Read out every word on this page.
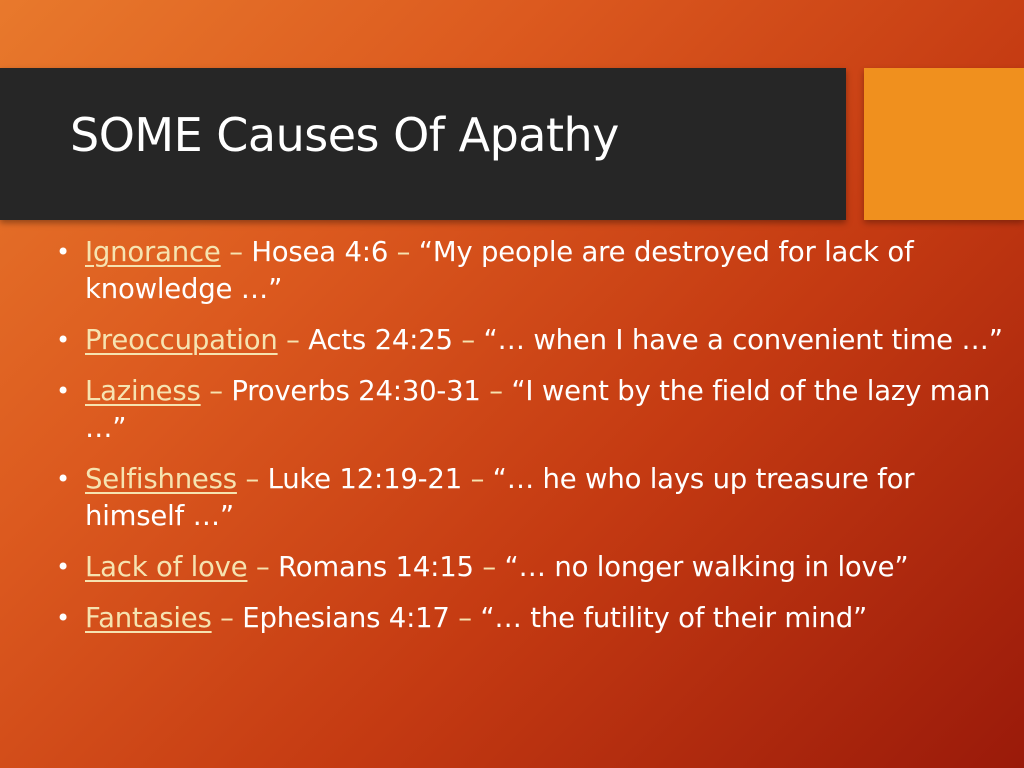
SOME Causes Of Apathy
• Ignorance – Hosea 4:6 – “My people are destroyed for lack of knowledge …”
• Preoccupation – Acts 24:25 – “… when I have a convenient time …”
• Laziness – Proverbs 24:30-31 – “I went by the field of the lazy man …”
• Selfishness – Luke 12:19-21 – “… he who lays up treasure for himself …”
• Lack of love – Romans 14:15 – “… no longer walking in love”
• Fantasies – Ephesians 4:17 – “… the futility of their mind”
